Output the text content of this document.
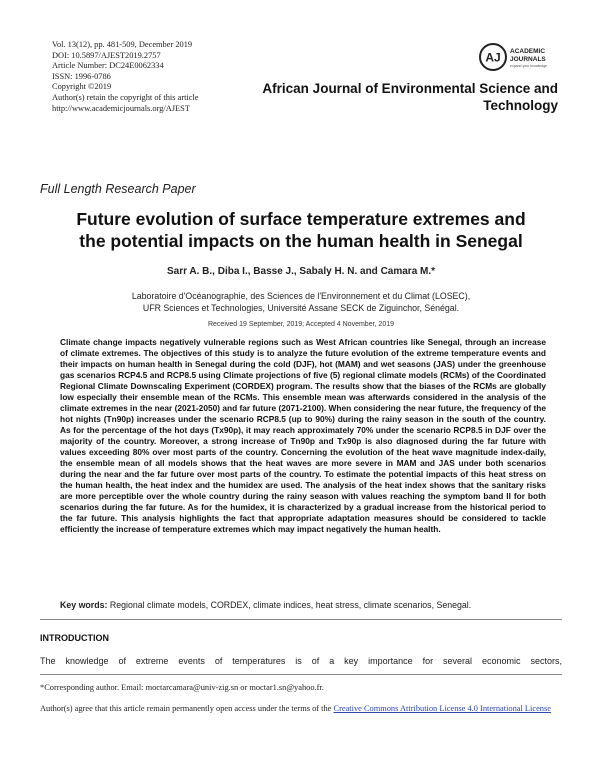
Vol. 13(12), pp. 481-509, December 2019
DOI: 10.5897/AJEST2019.2757
Article Number: DC24E0062334
ISSN: 1996-0786
Copyright ©2019
Author(s) retain the copyright of this article
http://www.academicjournals.org/AJEST
AJ ACADEMIC
JOURNALS
expand your knowledge
African Journal of Environmental Science and
Technology
Full Length Research Paper
Future evolution of surface temperature extremes and
the potential impacts on the human health in Senegal
Sarr A. B., Diba I., Basse J., Sabaly H. N. and Camara M.*
Laboratoire d'Océanographie, des Sciences de l'Environnement et du Climat (LOSEC),
UFR Sciences et Technologies, Université Assane SECK de Ziguinchor, Sénégal.
Received 19 September, 2019; Accepted 4 November, 2019
Climate change impacts negatively vulnerable regions such as West African countries like Senegal, through an increase of climate extremes. The objectives of this study is to analyze the future evolution of the extreme temperature events and their impacts on human health in Senegal during the cold (DJF), hot (MAM) and wet seasons (JAS) under the greenhouse gas scenarios RCP4.5 and RCP8.5 using Climate projections of five (5) regional climate models (RCMs) of the Coordinated Regional Climate Downscaling Experiment (CORDEX) program. The results show that the biases of the RCMs are globally low especially their ensemble mean of the RCMs. This ensemble mean was afterwards considered in the analysis of the climate extremes in the near (2021-2050) and far future (2071-2100). When considering the near future, the frequency of the hot nights (Tn90p) increases under the scenario RCP8.5 (up to 90%) during the rainy season in the south of the country. As for the percentage of the hot days (Tx90p), it may reach approximately 70% under the scenario RCP8.5 in DJF over the majority of the country. Moreover, a strong increase of Tn90p and Tx90p is also diagnosed during the far future with values exceeding 80% over most parts of the country. Concerning the evolution of the heat wave magnitude index-daily, the ensemble mean of all models shows that the heat waves are more severe in MAM and JAS under both scenarios during the near and the far future over most parts of the country. To estimate the potential impacts of this heat stress on the human health, the heat index and the humidex are used. The analysis of the heat index shows that the sanitary risks are more perceptible over the whole country during the rainy season with values reaching the symptom band II for both scenarios during the far future. As for the humidex, it is characterized by a gradual increase from the historical period to the far future. This analysis highlights the fact that appropriate adaptation measures should be considered to tackle efficiently the increase of temperature extremes which may impact negatively the human health.
Key words: Regional climate models, CORDEX, climate indices, heat stress, climate scenarios, Senegal.
INTRODUCTION
The knowledge of extreme events of temperatures is of a key importance for several economic sectors,
*Corresponding author. Email: moctarcamara@univ-zig.sn or moctar1.sn@yahoo.fr.
Author(s) agree that this article remain permanently open access under the terms of the Creative Commons Attribution License 4.0 International License
